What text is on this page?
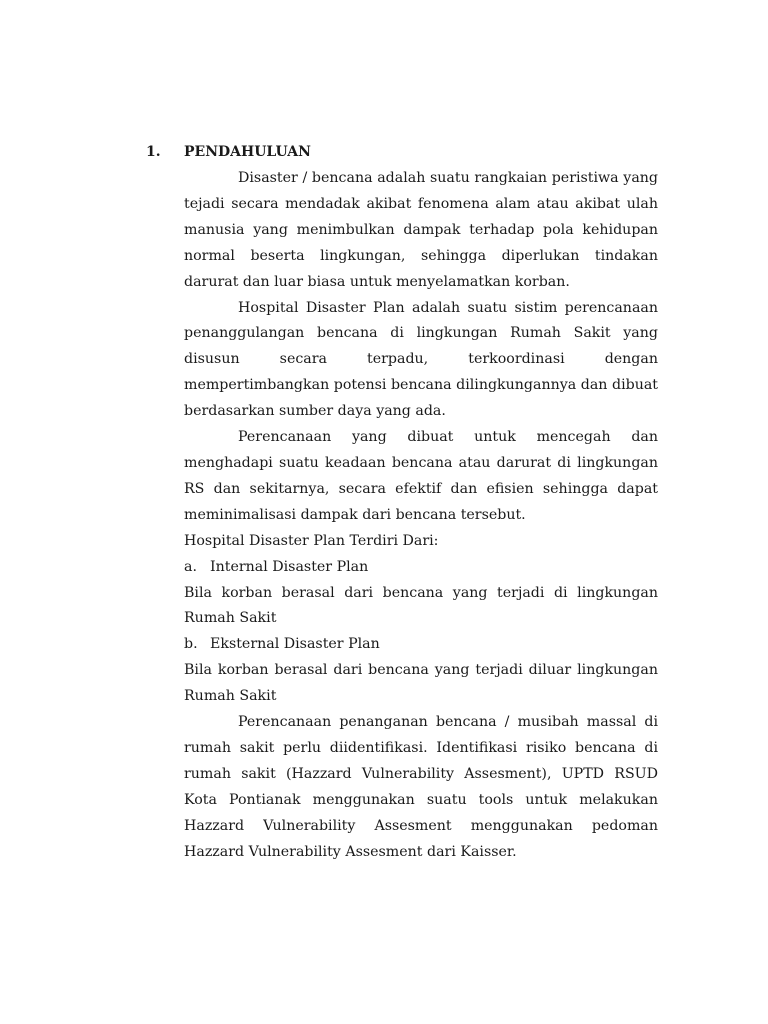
1. PENDAHULUAN

Disaster / bencana adalah suatu rangkaian peristiwa yang tejadi secara mendadak akibat fenomena alam atau akibat ulah manusia yang menimbulkan dampak terhadap pola kehidupan normal beserta lingkungan, sehingga diperlukan tindakan darurat dan luar biasa untuk menyelamatkan korban.

Hospital Disaster Plan adalah suatu sistim perencanaan penanggulangan bencana di lingkungan Rumah Sakit yang disusun secara terpadu, terkoordinasi dengan mempertimbangkan potensi bencana dilingkungannya dan dibuat berdasarkan sumber daya yang ada.

Perencanaan yang dibuat untuk mencegah dan menghadapi suatu keadaan bencana atau darurat di lingkungan RS dan sekitarnya, secara efektif dan efisien sehingga dapat meminimalisasi dampak dari bencana tersebut.

Hospital Disaster Plan Terdiri Dari:

a. Internal Disaster Plan

Bila korban berasal dari bencana yang terjadi di lingkungan Rumah Sakit

b. Eksternal Disaster Plan

Bila korban berasal dari bencana yang terjadi diluar lingkungan Rumah Sakit

Perencanaan penanganan bencana / musibah massal di rumah sakit perlu diidentifikasi. Identifikasi risiko bencana di rumah sakit (Hazzard Vulnerability Assesment), UPTD RSUD Kota Pontianak menggunakan suatu tools untuk melakukan Hazzard Vulnerability Assesment menggunakan pedoman Hazzard Vulnerability Assesment dari Kaisser.
